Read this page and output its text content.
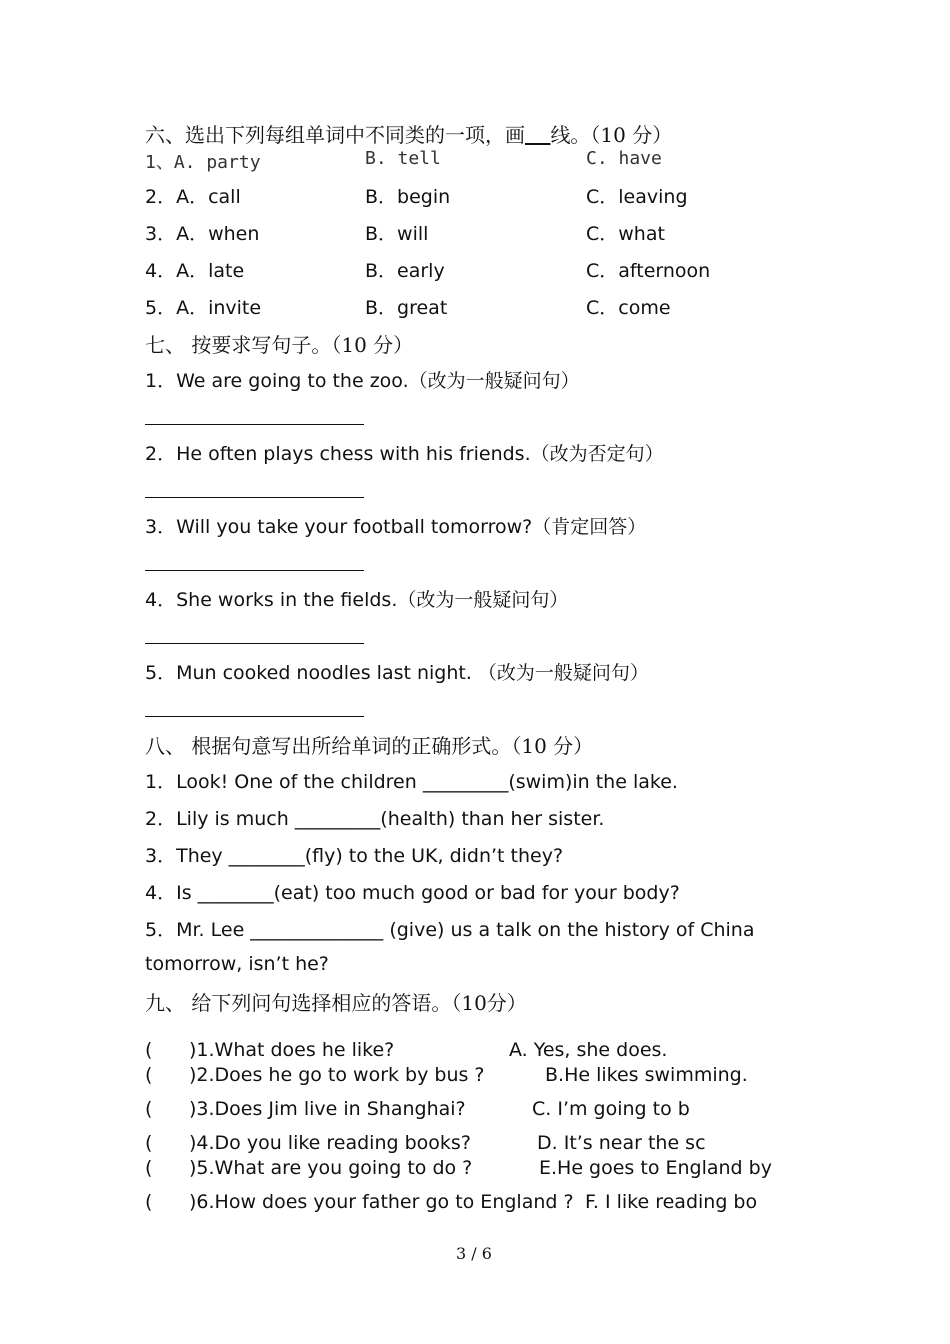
六、选出下列每组单词中不同类的一项，画 线。（10 分）
1、A. party	B. tell	C. have
2．A．call	B．begin	C．leaving
3．A．when	B．will	C．what
4．A．late	B．early	C．afternoon
5．A．invite	B．great	C．come
七、 按要求写句子。（10 分）
1．We are going to the zoo.（改为一般疑问句）
2．He often plays chess with his friends.（改为否定句）
3．Will you take your football tomorrow?（肯定回答）
4．She works in the fields.（改为一般疑问句）
5．Mun cooked noodles last night. （改为一般疑问句）
八、 根据句意写出所给单词的正确形式。（10 分）
1．Look! One of the children _________(swim)in the lake.
2．Lily is much _________(health) than her sister.
3．They ________(fly) to the UK, didn’t they?
4．Is ________(eat) too much good or bad for your body?
5．Mr. Lee ______________ (give) us a talk on the history of China
tomorrow, isn’t he?
九、 给下列问句选择相应的答语。（10分）
( )1.What does he like?	A. Yes, she does.
( )2.Does he go to work by bus ?	B.He likes swimming.
( )3.Does Jim live in Shanghai?	C. I’m going to b
( )4.Do you like reading books?	D. It’s near the sc
( )5.What are you going to do ?	E.He goes to England by
( )6.How does your father go to England ? F. I like reading bo
3 / 6
